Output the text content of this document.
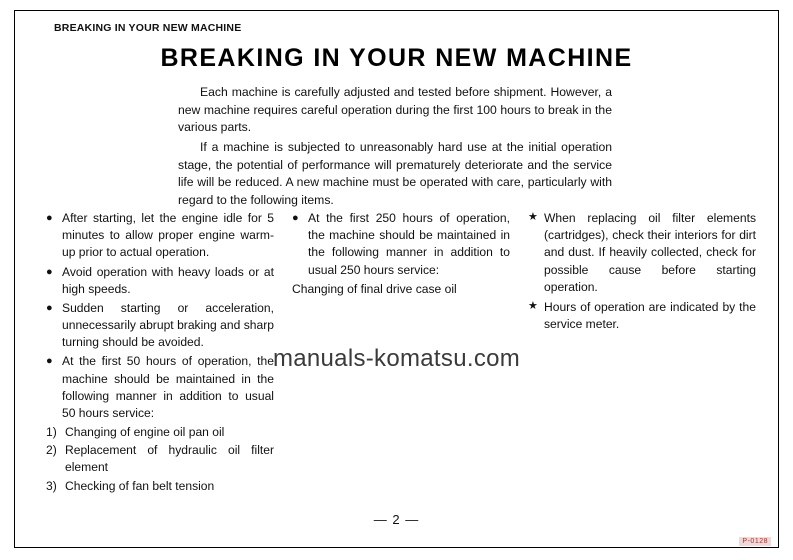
BREAKING IN YOUR NEW MACHINE
BREAKING IN YOUR NEW MACHINE

Each machine is carefully adjusted and tested before shipment. However, a new machine requires careful operation during the first 100 hours to break in the various parts.

If a machine is subjected to unreasonably hard use at the initial operation stage, the potential of performance will prematurely deteriorate and the service life will be reduced. A new machine must be operated with care, particularly with regard to the following items.

● After starting, let the engine idle for 5 minutes to allow proper engine warm-up prior to actual operation.
● Avoid operation with heavy loads or at high speeds.
● Sudden starting or acceleration, unnecessarily abrupt braking and sharp turning should be avoided.
● At the first 50 hours of operation, the machine should be maintained in the following manner in addition to usual 50 hours service:
1) Changing of engine oil pan oil
2) Replacement of hydraulic oil filter element
3) Checking of fan belt tension
● At the first 250 hours of operation, the machine should be maintained in the following manner in addition to usual 250 hours service:
Changing of final drive case oil
★ When replacing oil filter elements (cartridges), check their interiors for dirt and dust. If heavily collected, check for possible cause before starting operation.
★ Hours of operation are indicated by the service meter.
manuals-komatsu.com
— 2 —
P-0128
